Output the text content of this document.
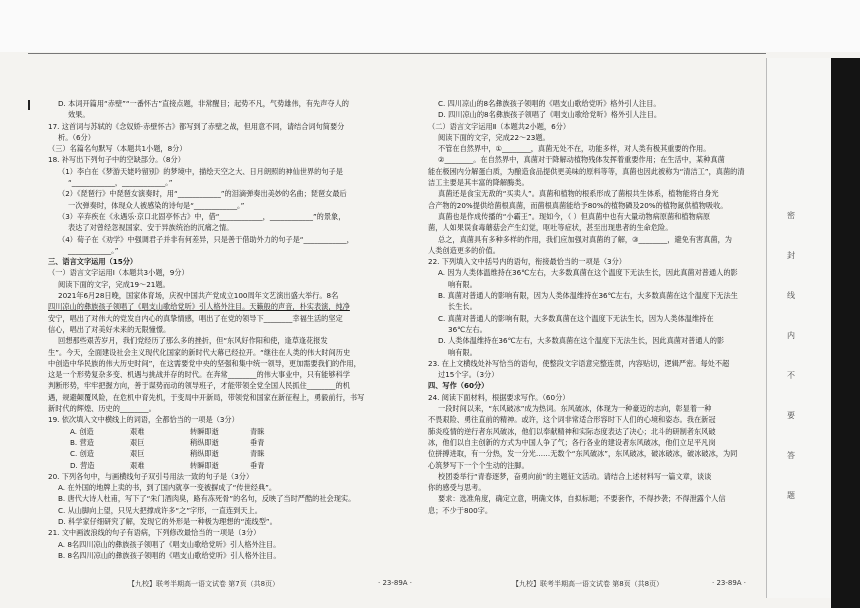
D. 本词开篇用“赤壁”“一番怀古”直接点题，非常醒目；起势不凡，气势雄伟，有先声夺人的

效果。

17. 这首词与苏轼的《念奴娇·赤壁怀古》都写到了赤壁之战，但用意不同，请结合词句简要分

析。（6分）

（三）名篇名句默写（本题共1小题，8分）

18. 补写出下列句子中的空缺部分。（8分）

（1）李白在《梦游天姥吟留别》的梦境中，描绘天空之大、日月朗照的神仙世界的句子是

“____________，____________。”

（2）《琵琶行》中琵琶女演奏时，用“____________”的泪滴弹奏出美妙的名曲；琵琶女最后

一次弹奏时，体现众人被感染的诗句是“____________。”

（3）辛弃疾在《永遇乐·京口北固亭怀古》中，借“____________，____________”的景象，

表达了对曾经忽视国家、安于异族统治的沉痛之情。

（4）荀子在《劝学》中强调君子并非有何差异，只是善于借助外力的句子是“____________，

____________。”

三、语言文字运用（15分）

（一）语言文字运用Ⅰ（本题共3小题，9分）

阅读下面的文字，完成19～21题。

2021年6月28日晚，国家体育场，庆祝中国共产党成立100周年文艺演出盛大举行。8名

四川凉山的彝族孩子领唱了《唱支山歌给党听》引人格外注目。天籁般的声音，朴实表演，纯净

安宁，唱出了对伟大的党发自内心的真挚情感，唱出了在党的领导下________幸福生活的坚定

信心，唱出了对美好未来的无限憧憬。

回想那些艰苦岁月，我们党经历了那么多的挫折，但“东风好作阳和使，逢草逢花报发

生”。今天，全面建设社会主义现代化国家的新时代大幕已经拉开。“继往在人类的伟大时间历史

中创造中华民族的伟大历史时间”，在这需要党中央的坚强和集中统一领导，更加需要我们的作用，

这是一个形势复杂多变、机遇与挑战并存的时代。在奔常________的伟大事业中，只有能够科学

判断形势，牢牢把握方向，善于谋势而动的领导班子，才能带领全党全国人民抓住________的机

遇，规避颠覆风险，在危机中育先机，于变局中开新局，带领党和国家在新征程上，勇毅前行，书写

新时代的辉煌、历史的________。

19. 依次填入文中横线上的词语，全都恰当的一项是（3分）

A. 创造	艰难	转瞬即逝	青睐
B. 营造	艰巨	稍纵即逝	垂青
C. 创造	艰巨	稍纵即逝	青睐
D. 营造	艰难	转瞬即逝	垂青

20. 下列各句中，与画横线句子双引号用法一致的句子是（3分）

A. 在外国的地牌上卖的书，到了国内就享一变被摒成了“传世经典”。

B. 唐代大诗人杜甫，写下了“朱门酒肉臭，路有冻死骨”的名句，反映了当时严酷的社会现实。

C. 从山脚向上望，只见大把撑成许多“之”字形，一直连到天上。

D. 科学家仔细研究了解，发现它的外形是一种极为理想的“流线型”。

21. 文中画波浪线的句子有语病，下列修改最恰当的一项是（3分）

A. 8名四川凉山的彝族孩子领唱了《唱支山歌给党听》引人格外注目。

B. 8名四川凉山的彝族孩子领唱的《唱支山歌给党听》引人格外注目。

C. 四川凉山的8名彝族孩子领唱的《唱支山歌给党听》格外引人注目。

D. 四川凉山的8名彝族孩子领唱了《唱支山歌给党听》格外引人注目。

（二）语言文字运用Ⅱ（本题共2小题，6分）

阅读下面的文字，完成22～23题。

不管在自然界中，①________，真菌无处不在，功能多样，对人类有极其重要的作用。

②________。在自然界中，真菌对于降解动植物残体发挥着重要作用；在生活中，某种真菌

能在极困内分解蛋白质，为酿造食品提供更美味的原料等等，真菌也因此被称为“清洁工”，真菌的清

洁工主要是其丰富的降解酶类。

真菌还是食宝无敌的“买卖人”。真菌和植物的根系形成了菌根共生体系，植物能将自身光

合产物的20%提供给菌根真菌，而菌根真菌能给予80%的植物磷及20%的植物氮供植物吸收。

真菌也是作成传播的“小霸王”。现如今，（ ）但真菌中也有大量动物病原菌和植物病原

菌，人如果误食毒蘑菇会产生幻觉，呕吐等症状，甚至出现患者的生命危险。

总之，真菌具有多种多样的作用，我们应加强对真菌的了解，③________，避免有害真菌，为

人类创造更多的价值。

22. 下列填入文中括号内的语句，衔接最恰当的一项是（3分）

A. 因为人类体温维持在36℃左右，大多数真菌在这个温度下无法生长，因此真菌对普通人的影

响有限。

B. 真菌对普通人的影响有限，因为人类体温维持在36℃左右，大多数真菌在这个温度下无法生

长生长。

C. 真菌对普通人的影响有限，大多数真菌在这个温度下无法生长，因为人类体温维持在

36℃左右。

D. 人类体温维持在36℃左右，大多数真菌在这个温度下无法生长，因此真菌对普通人的影

响有限。

23. 在上文横线处补写恰当的语句，使整段文字语意完整连贯，内容贴切，逻辑严密。每处不超

过15个字。（3分）

四、写作（60分）

24. 阅读下面材料，根据要求写作。（60分）

一段时间以来，“东风破冰”成为热词。东风破冰，体现为一种豪迈的志向，彰显着一种

不畏艰险、勇往直前的精神。或许，这个词非常适合形容时下人们的心境和姿态。我在新冠

肺炎疫情的逆行者东风破冰，他们以奉献精神和实际态度表达了决心；北斗的研制者东风破

冰，他们以自主创新的方式为中国人争了气；各行各业的建设者东风破冰，他们立足平凡岗

位拼搏进取，有一分热，发一分光……无数个“东风破冰”，东风破冰，破冰破冰，破冰破冰，为同

心筑梦写下一个个生动的注脚。

校团委举行“青春逐梦，奋勇向前”的主题征文活动。请结合上述材料写一篇文章，谈谈

你的感受与思考。

要求：选准角度，确定立意，明确文体，自拟标题；不要套作，不得抄袭；不得泄露个人信

息；不少于800字。

【九校】联考半期高一语文试卷 第7页（共8页）	· 23-89A ·	【九校】联考半期高一语文试卷 第8页（共8页）	· 23-89A ·
密
封
线
内
不
要
答
题
